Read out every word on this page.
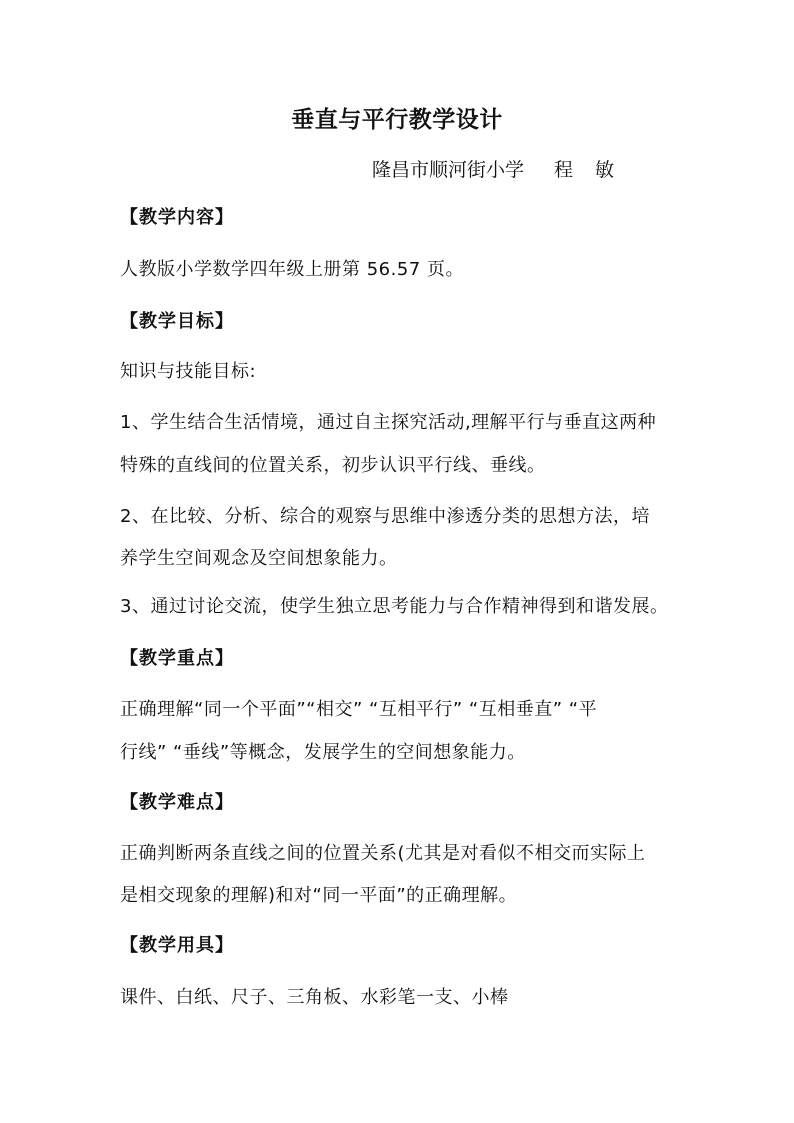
垂直与平行教学设计
隆昌市顺河街小学 程 敏
【教学内容】
人教版小学数学四年级上册第 56.57 页。
【教学目标】
知识与技能目标:
1、学生结合生活情境，通过自主探究活动,理解平行与垂直这两种
特殊的直线间的位置关系，初步认识平行线、垂线。
2、在比较、分析、综合的观察与思维中渗透分类的思想方法，培
养学生空间观念及空间想象能力。
3、通过讨论交流，使学生独立思考能力与合作精神得到和谐发展。
【教学重点】
正确理解“同一个平面”“相交” “互相平行” “互相垂直” “平
行线” “垂线”等概念，发展学生的空间想象能力。
【教学难点】
正确判断两条直线之间的位置关系(尤其是对看似不相交而实际上
是相交现象的理解)和对“同一平面”的正确理解。
【教学用具】
课件、白纸、尺子、三角板、水彩笔一支、小棒
